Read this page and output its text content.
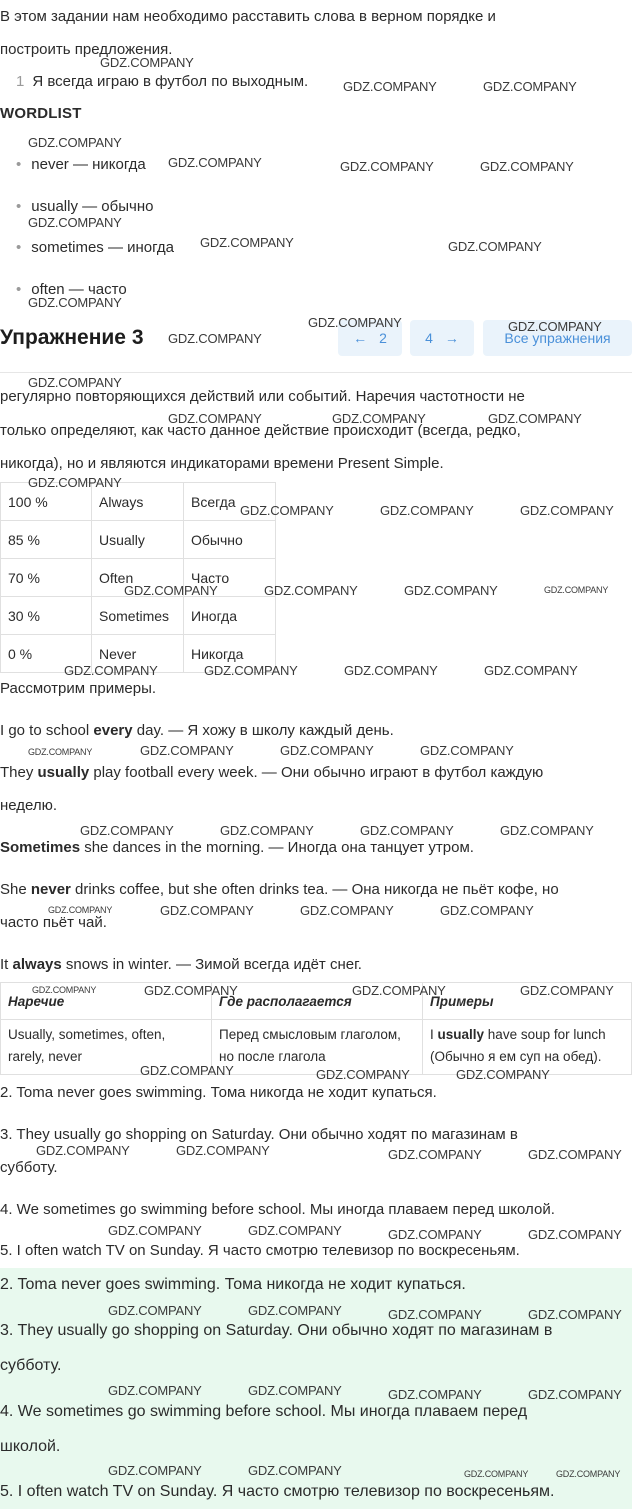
В этом задании нам необходимо расставить слова в верном порядке и
построить предложения.
1 Я всегда играю в футбол по выходным.
WORDLIST
• never — никогда
• usually — обычно
• sometimes — иногда
• often — часто
Упражнение 3	← 2	4 →	Все упражнения
регулярно повторяющихся действий или событий. Наречия частотности не
только определяют, как часто данное действие происходит (всегда, редко,
никогда), но и являются индикаторами времени Present Simple.
100 %	Always	Всегда
85 %	Usually	Обычно
70 %	Often	Часто
30 %	Sometimes	Иногда
0 %	Never	Никогда
Рассмотрим примеры.
I go to school every day. — Я хожу в школу каждый день.
They usually play football every week. — Они обычно играют в футбол каждую
неделю.
Sometimes she dances in the morning. — Иногда она танцует утром.
She never drinks coffee, but she often drinks tea. — Она никогда не пьёт кофе, но
часто пьёт чай.
It always snows in winter. — Зимой всегда идёт снег.
Наречие	Где располагается	Примеры
Usually, sometimes, often, rarely, never	Перед смысловым глаголом, но после глагола	I usually have soup for lunch (Обычно я ем суп на обед).
2. Toma never goes swimming. Тома никогда не ходит купаться.
3. They usually go shopping on Saturday. Они обычно ходят по магазинам в
субботу.
4. We sometimes go swimming before school. Мы иногда плаваем перед школой.
5. I often watch TV on Sunday. Я часто смотрю телевизор по воскресеньям.
2. Toma never goes swimming. Тома никогда не ходит купаться.
3. They usually go shopping on Saturday. Они обычно ходят по магазинам в
субботу.
4. We sometimes go swimming before school. Мы иногда плаваем перед
школой.
5. I often watch TV on Sunday. Я часто смотрю телевизор по воскресеньям.
GDZ.COMPANY
GDZ.COMPANY	GDZ.COMPANY
GDZ.COMPANY
GDZ.COMPANY	GDZ.COMPANY	GDZ.COMPANY
GDZ.COMPANY
GDZ.COMPANY	GDZ.COMPANY
GDZ.COMPANY
GDZ.COMPANY	GDZ.COMPANY
GDZ.COMPANY
GDZ.COMPANY
GDZ.COMPANY	GDZ.COMPANY	GDZ.COMPANY
GDZ.COMPANY
GDZ.COMPANY	GDZ.COMPANY	GDZ.COMPANY
GDZ.COMPANY	GDZ.COMPANY	GDZ.COMPANY	GDZ.COMPANY
GDZ.COMPANY	GDZ.COMPANY	GDZ.COMPANY	GDZ.COMPANY
GDZ.COMPANY	GDZ.COMPANY	GDZ.COMPANY	GDZ.COMPANY
GDZ.COMPANY	GDZ.COMPANY	GDZ.COMPANY	GDZ.COMPANY
GDZ.COMPANY	GDZ.COMPANY	GDZ.COMPANY	GDZ.COMPANY
GDZ.COMPANY	GDZ.COMPANY	GDZ.COMPANY	GDZ.COMPANY
GDZ.COMPANY	GDZ.COMPANY	GDZ.COMPANY
GDZ.COMPANY	GDZ.COMPANY	GDZ.COMPANY	GDZ.COMPANY
GDZ.COMPANY	GDZ.COMPANY	GDZ.COMPANY	GDZ.COMPANY
GDZ.COMPANY	GDZ.COMPANY	GDZ.COMPANY	GDZ.COMPANY
GDZ.COMPANY	GDZ.COMPANY	GDZ.COMPANY	GDZ.COMPANY
GDZ.COMPANY	GDZ.COMPANY	GDZ.COMPANY	GDZ.COMPANY
